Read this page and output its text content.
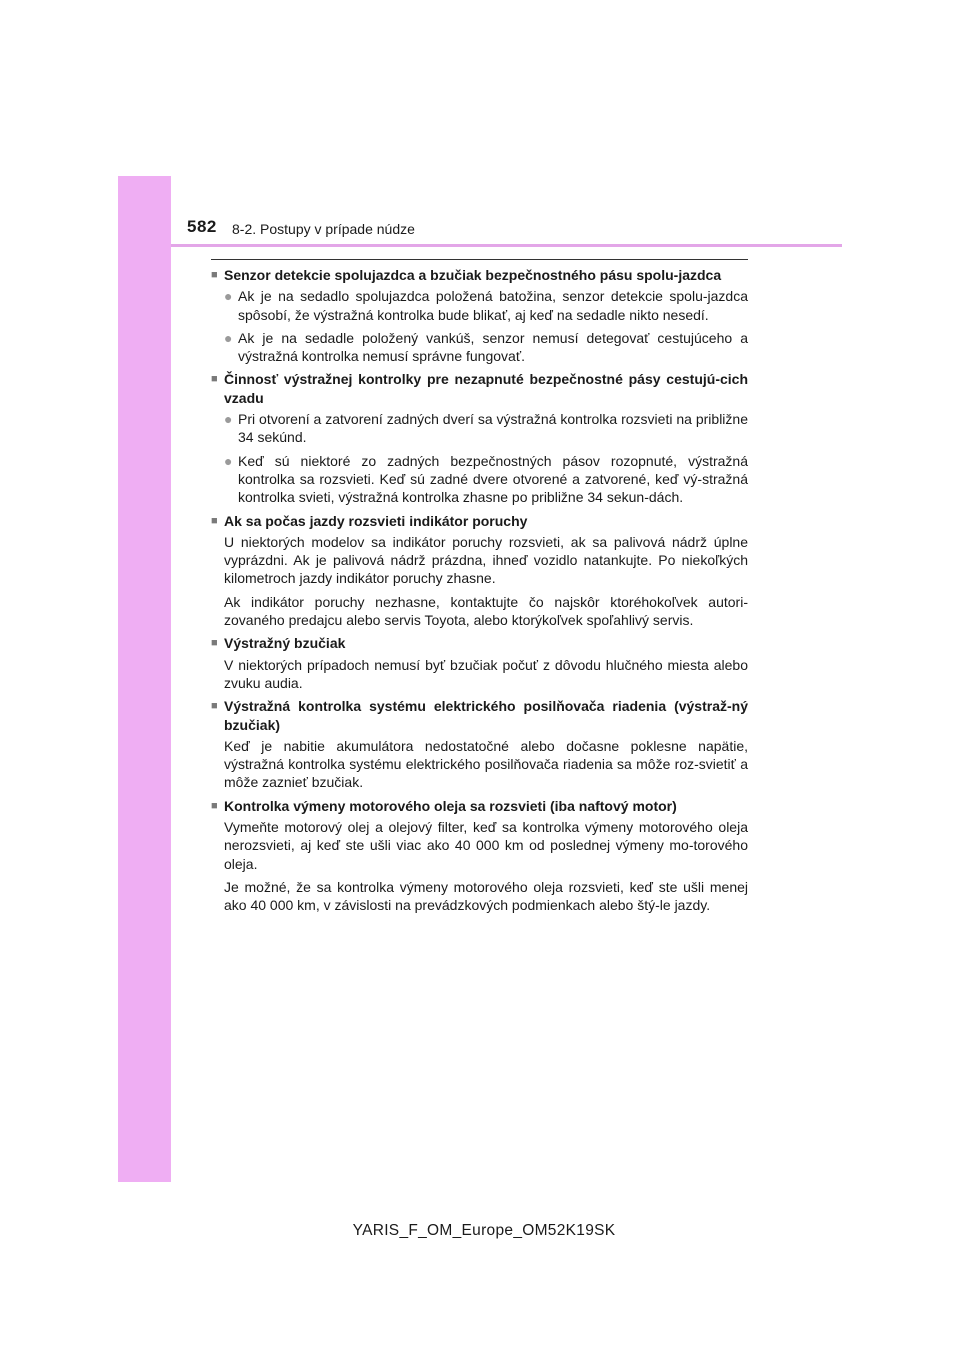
582 8-2. Postupy v prípade núdze
■ Senzor detekcie spolujazdca a bzučiak bezpečnostného pásu spolu-jazdca
● Ak je na sedadlo spolujazdca položená batožina, senzor detekcie spolu-jazdca spôsobí, že výstražná kontrolka bude blikať, aj keď na sedadle nikto nesedí.
● Ak je na sedadle položený vankúš, senzor nemusí detegovať cestujúceho a výstražná kontrolka nemusí správne fungovať.
■ Činnosť výstražnej kontrolky pre nezapnuté bezpečnostné pásy cestujú-cich vzadu
● Pri otvorení a zatvorení zadných dverí sa výstražná kontrolka rozsvieti na približne 34 sekúnd.
● Keď sú niektoré zo zadných bezpečnostných pásov rozopnuté, výstražná kontrolka sa rozsvieti. Keď sú zadné dvere otvorené a zatvorené, keď vý-stražná kontrolka svieti, výstražná kontrolka zhasne po približne 34 sekun-dách.
■ Ak sa počas jazdy rozsvieti indikátor poruchy
U niektorých modelov sa indikátor poruchy rozsvieti, ak sa palivová nádrž úplne vyprázdni. Ak je palivová nádrž prázdna, ihneď vozidlo natankujte. Po niekoľkých kilometroch jazdy indikátor poruchy zhasne.
Ak indikátor poruchy nezhasne, kontaktujte čo najskôr ktoréhokoľvek autori-zovaného predajcu alebo servis Toyota, alebo ktorýkoľvek spoľahlivý servis.
■ Výstražný bzučiak
V niektorých prípadoch nemusí byť bzučiak počuť z dôvodu hlučného miesta alebo zvuku audia.
■ Výstražná kontrolka systému elektrického posilňovača riadenia (výstraž-ný bzučiak)
Keď je nabitie akumulátora nedostatočné alebo dočasne poklesne napätie, výstražná kontrolka systému elektrického posilňovača riadenia sa môže roz-svietiť a môže zaznieť bzučiak.
■ Kontrolka výmeny motorového oleja sa rozsvieti (iba naftový motor)
Vymeňte motorový olej a olejový filter, keď sa kontrolka výmeny motorového oleja nerozsvieti, aj keď ste ušli viac ako 40 000 km od poslednej výmeny mo-torového oleja.
Je možné, že sa kontrolka výmeny motorového oleja rozsvieti, keď ste ušli menej ako 40 000 km, v závislosti na prevádzkových podmienkach alebo štý-le jazdy.
YARIS_F_OM_Europe_OM52K19SK
